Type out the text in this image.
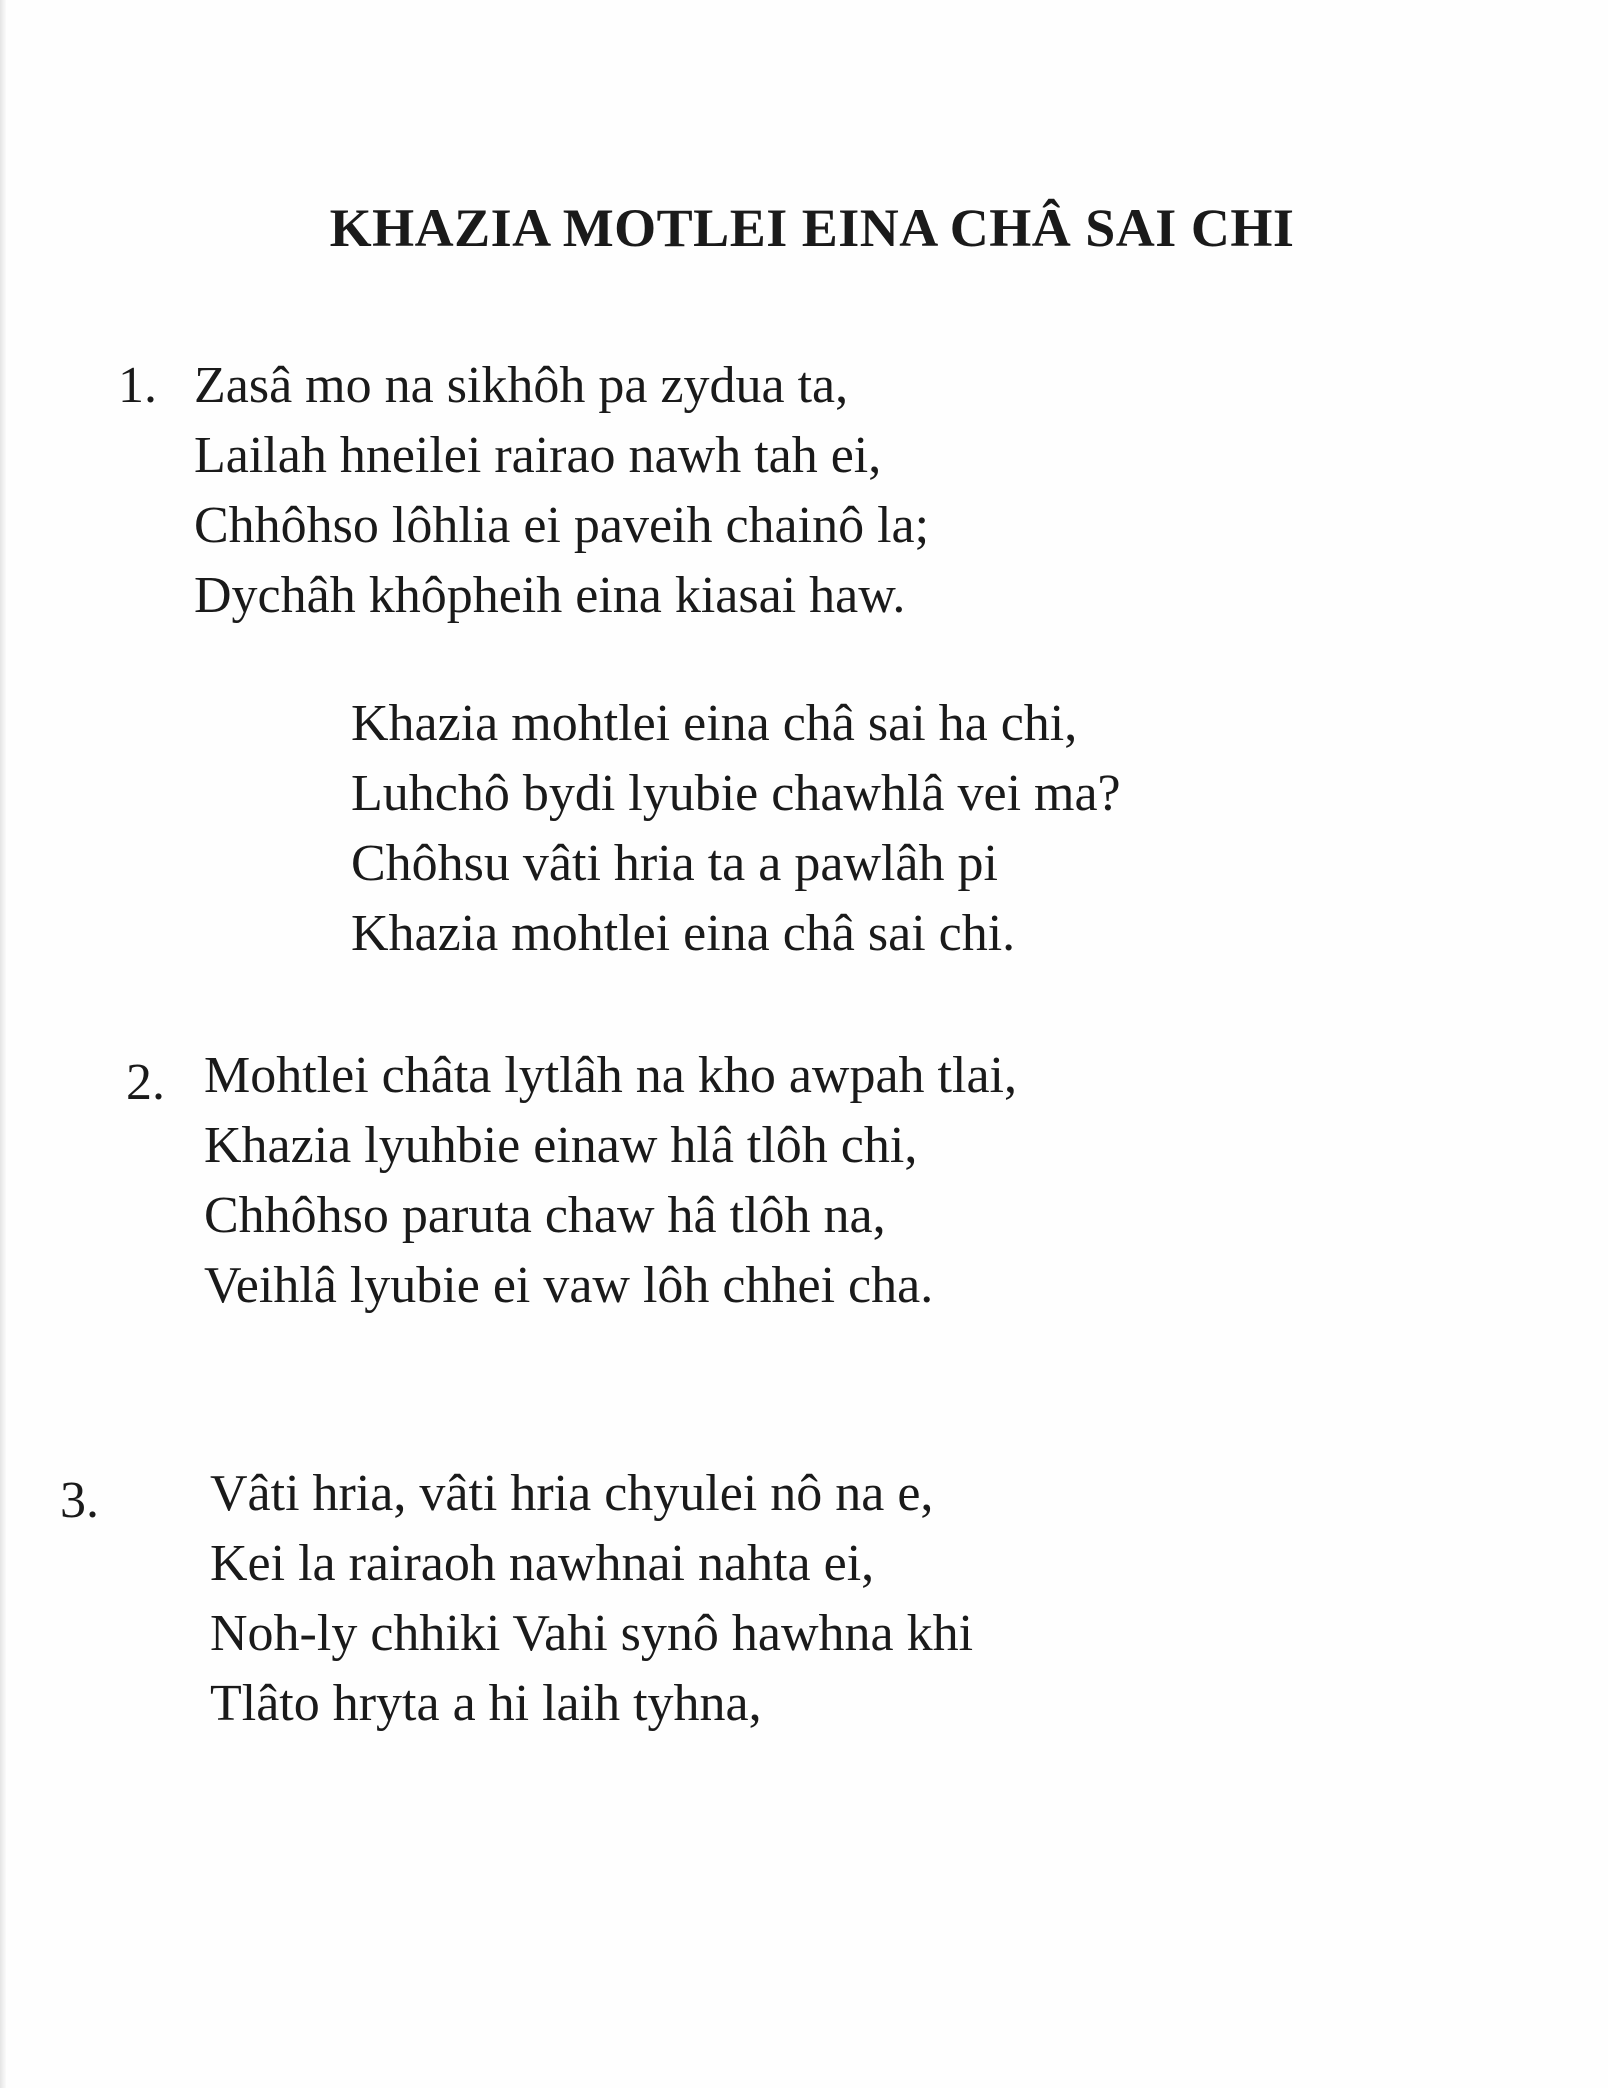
KHAZIA MOTLEI EINA CHÂ SAI CHI
1. Zasâ mo na sikhôh pa zydua ta,
Lailah hneilei rairao nawh tah ei,
Chhôhso lôhlia ei paveih chainô la;
Dychâh khôpheih eina kiasai haw.
Khazia mohtlei eina châ sai ha chi,
Luhchô bydi lyubie chawhlâ vei ma?
Chôhsu vâti hria ta a pawlâh pi
Khazia mohtlei eina châ sai chi.
2. Mohtlei châta lytlâh na kho awpah tlai,
Khazia lyuhbie einaw hlâ tlôh chi,
Chhôhso paruta chaw hâ tlôh na,
Veihlâ lyubie ei vaw lôh chhei cha.
3. Vâti hria, vâti hria chyulei nô na e,
Kei la rairaoh nawhnai nahta ei,
Noh-ly chhiki Vahi synô hawhna khi
Tlâto hryta a hi laih tyhna,
